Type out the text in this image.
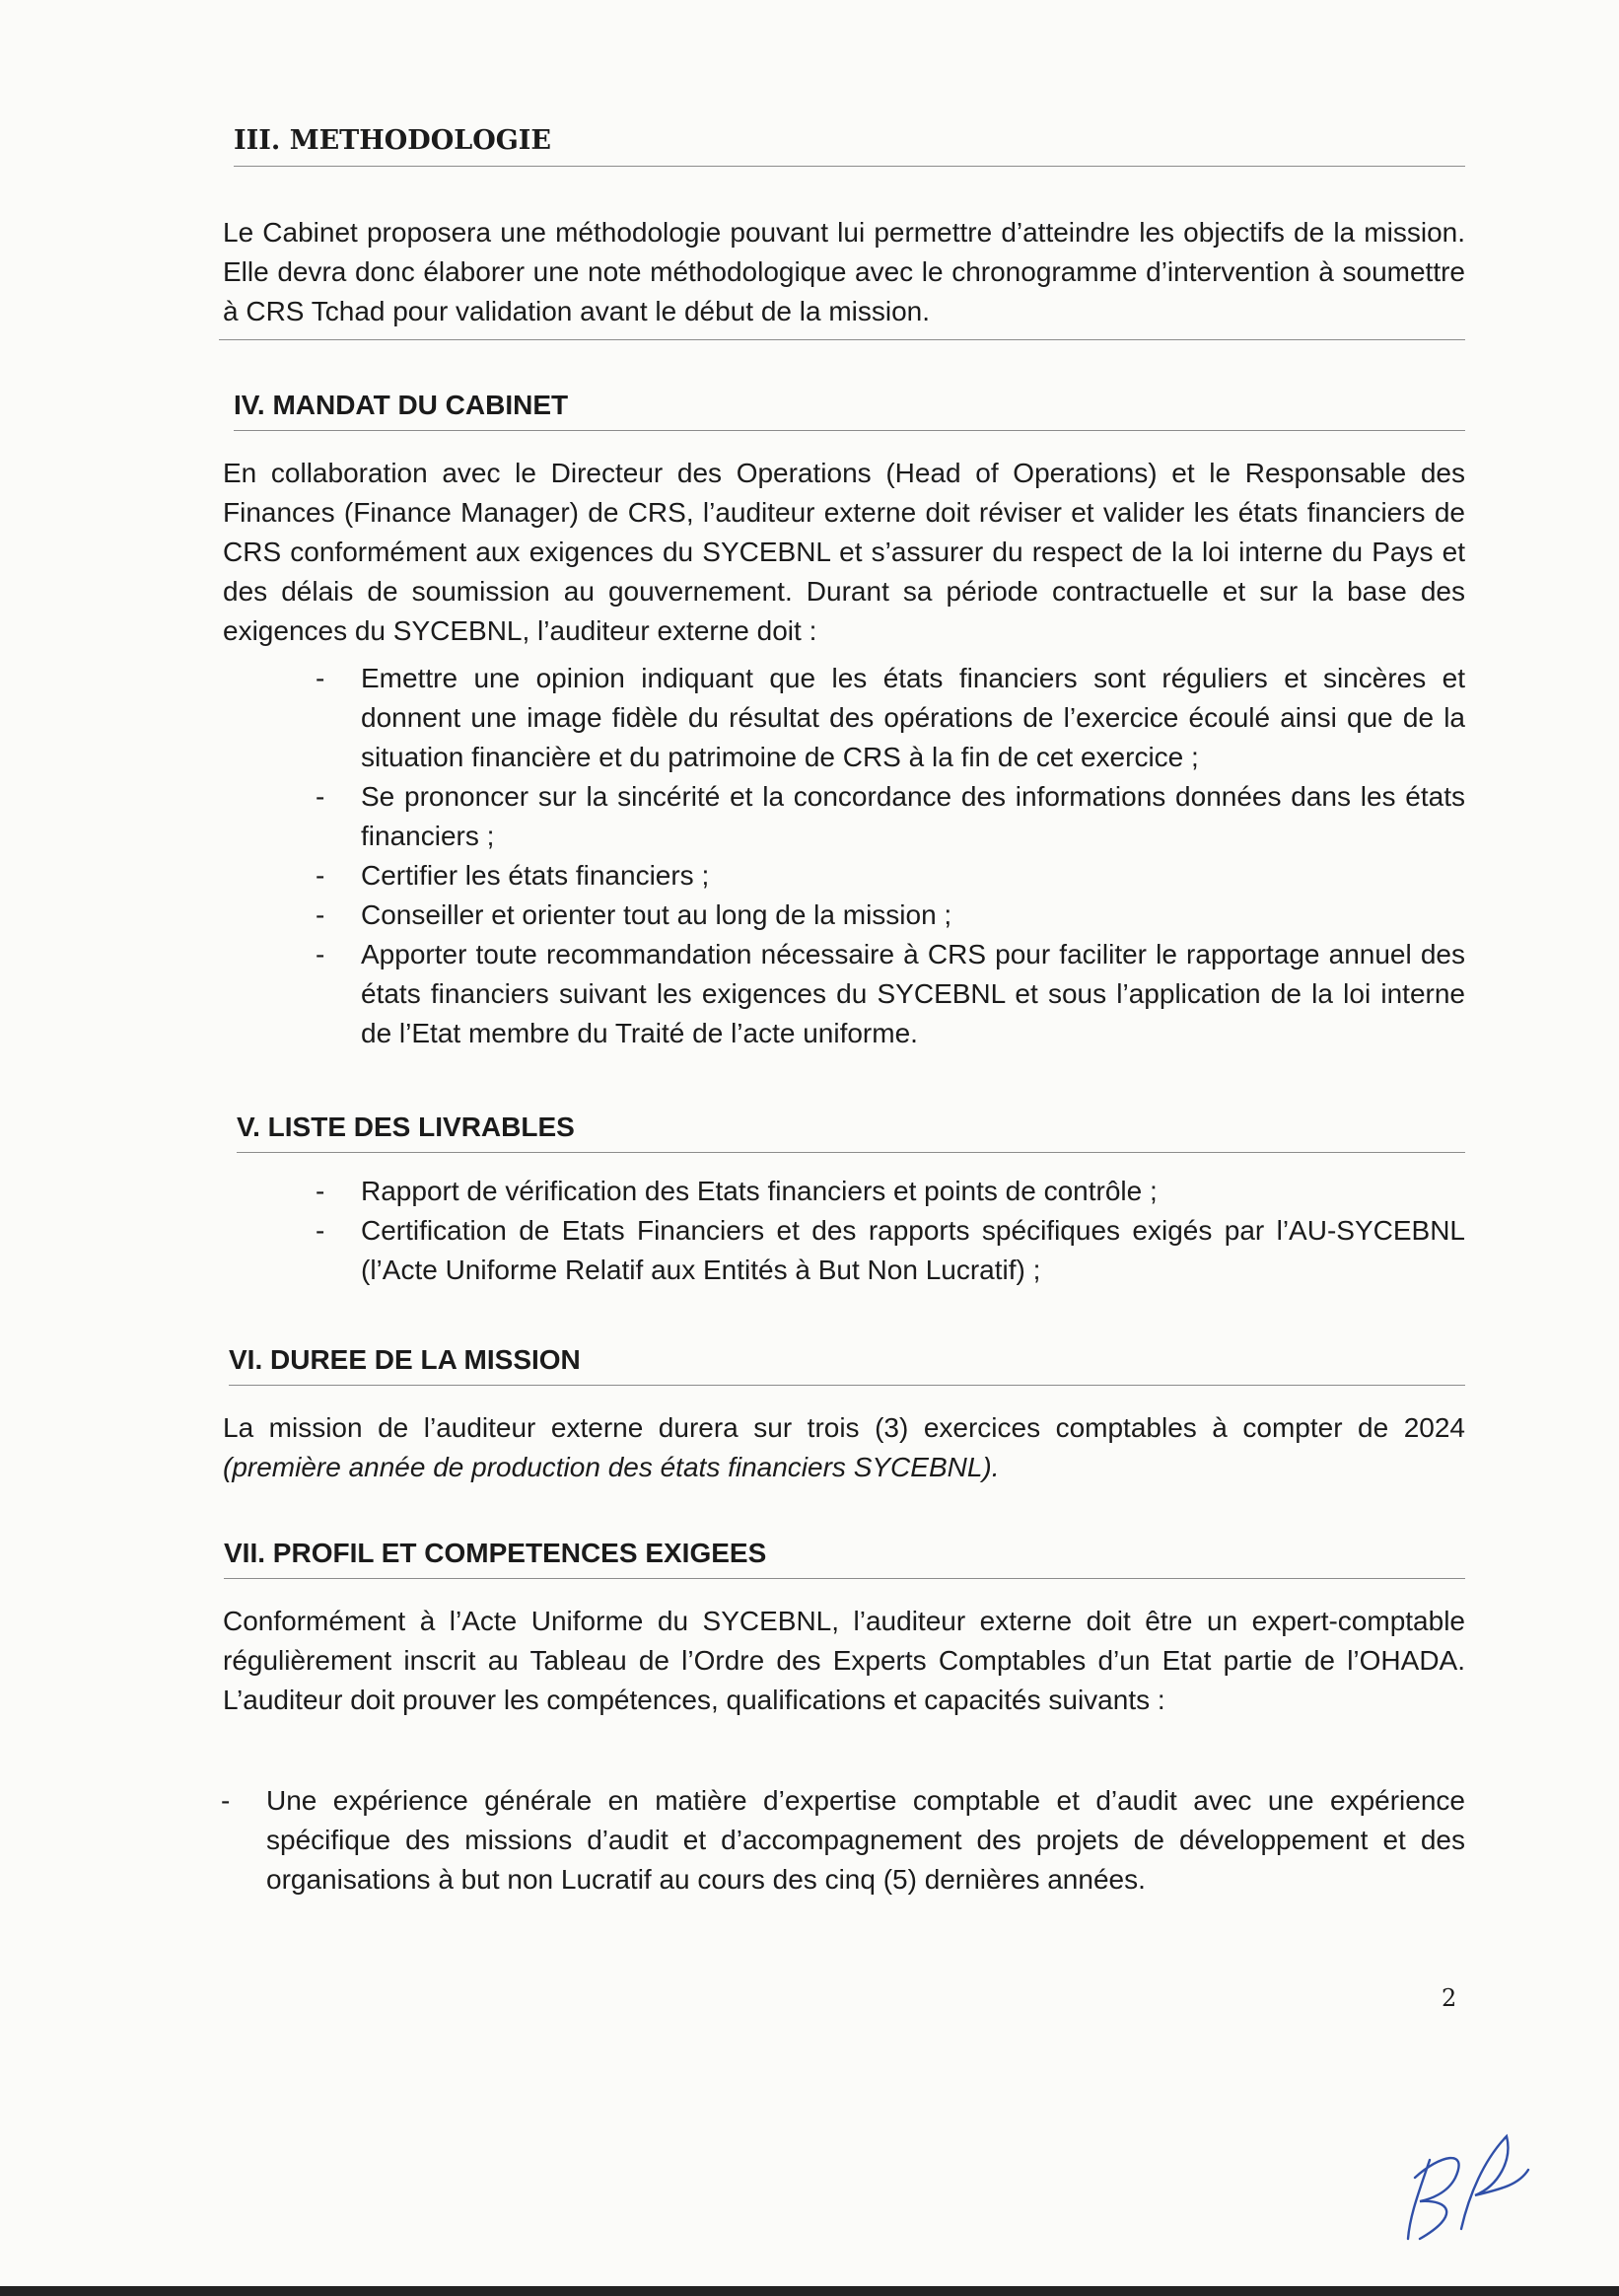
III. METHODOLOGIE

Le Cabinet proposera une méthodologie pouvant lui permettre d’atteindre les objectifs de la mission. Elle devra donc élaborer une note méthodologique avec le chronogramme d’intervention à soumettre à CRS Tchad pour validation avant le début de la mission.

IV. MANDAT DU CABINET

En collaboration avec le Directeur des Operations (Head of Operations) et le Responsable des Finances (Finance Manager) de CRS, l’auditeur externe doit réviser et valider les états financiers de CRS conformément aux exigences du SYCEBNL et s’assurer du respect de la loi interne du Pays et des délais de soumission au gouvernement. Durant sa période contractuelle et sur la base des exigences du SYCEBNL, l’auditeur externe doit :

- Emettre une opinion indiquant que les états financiers sont réguliers et sincères et donnent une image fidèle du résultat des opérations de l’exercice écoulé ainsi que de la situation financière et du patrimoine de CRS à la fin de cet exercice ;
- Se prononcer sur la sincérité et la concordance des informations données dans les états financiers ;
- Certifier les états financiers ;
- Conseiller et orienter tout au long de la mission ;
- Apporter toute recommandation nécessaire à CRS pour faciliter le rapportage annuel des états financiers suivant les exigences du SYCEBNL et sous l’application de la loi interne de l’Etat membre du Traité de l’acte uniforme.
V. LISTE DES LIVRABLES
- Rapport de vérification des Etats financiers et points de contrôle ;
- Certification de Etats Financiers et des rapports spécifiques exigés par l’AU-SYCEBNL (l’Acte Uniforme Relatif aux Entités à But Non Lucratif) ;
VI. DUREE DE LA MISSION

La mission de l’auditeur externe durera sur trois (3) exercices comptables à compter de 2024 (première année de production des états financiers SYCEBNL).

VII. PROFIL ET COMPETENCES EXIGEES

Conformément à l’Acte Uniforme du SYCEBNL, l’auditeur externe doit être un expert-comptable régulièrement inscrit au Tableau de l’Ordre des Experts Comptables d’un Etat partie de l’OHADA. L’auditeur doit prouver les compétences, qualifications et capacités suivants :

- Une expérience générale en matière d’expertise comptable et d’audit avec une expérience spécifique des missions d’audit et d’accompagnement des projets de développement et des organisations à but non Lucratif au cours des cinq (5) dernières années.
2
